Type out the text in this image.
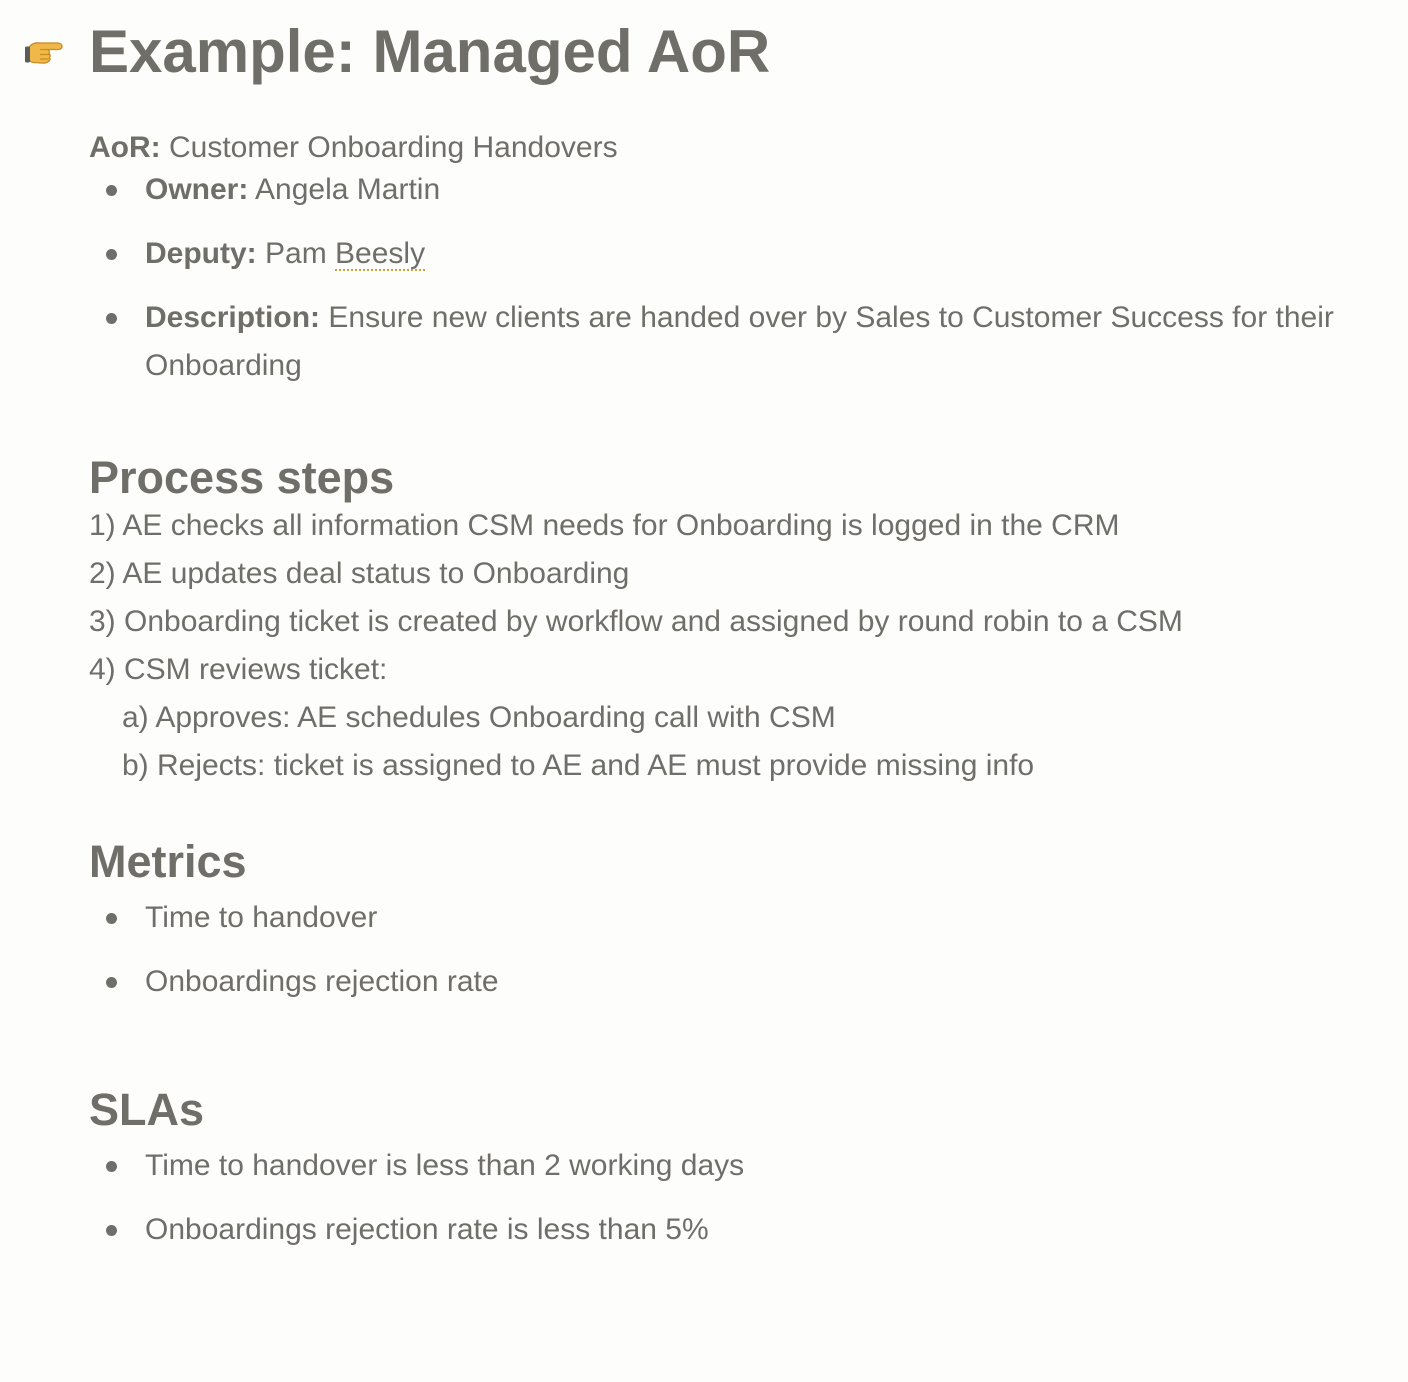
Example: Managed AoR

AoR: Customer Onboarding Handovers

Owner: Angela Martin
Deputy: Pam Beesly
Description: Ensure new clients are handed over by Sales to Customer Success for their Onboarding
Process steps
1) AE checks all information CSM needs for Onboarding is logged in the CRM
2) AE updates deal status to Onboarding
3) Onboarding ticket is created by workflow and assigned by round robin to a CSM
4) CSM reviews ticket:
a) Approves: AE schedules Onboarding call with CSM
b) Rejects: ticket is assigned to AE and AE must provide missing info
Metrics
Time to handover
Onboardings rejection rate
SLAs
Time to handover is less than 2 working days
Onboardings rejection rate is less than 5%
